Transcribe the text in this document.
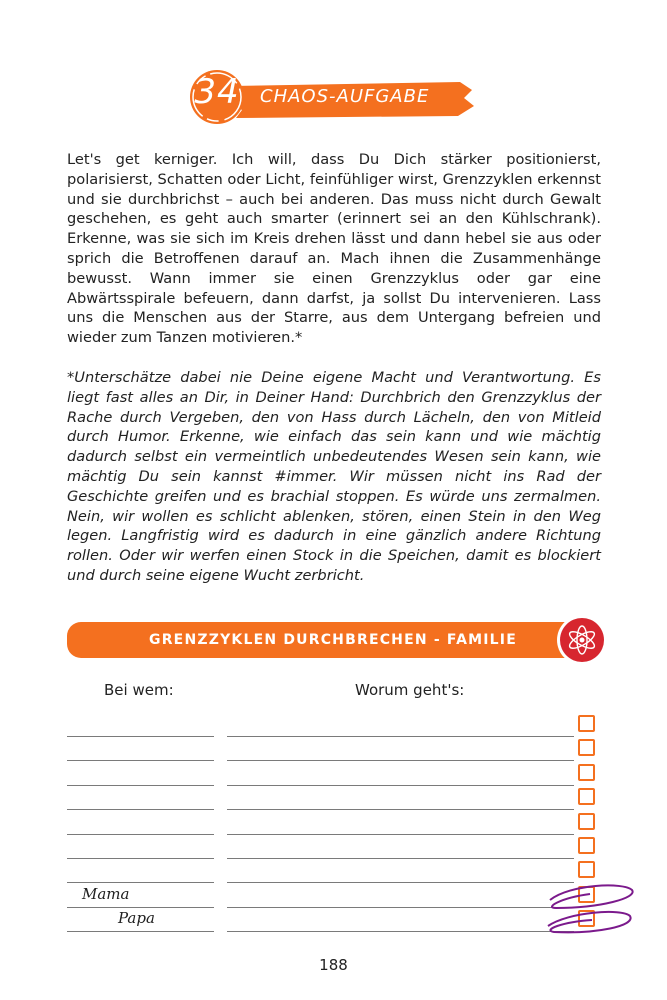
34	CHAOS-AUFGABE

Let's get kerniger. Ich will, dass Du Dich stärker positionierst, polarisierst, Schatten oder Licht, feinfühliger wirst, Grenzzyklen erkennst und sie durchbrichst – auch bei anderen. Das muss nicht durch Gewalt geschehen, es geht auch smarter (erinnert sei an den Kühlschrank). Erkenne, was sie sich im Kreis drehen lässt und dann hebel sie aus oder sprich die Betroffenen darauf an. Mach ihnen die Zusammenhänge bewusst. Wann immer sie einen Grenzzyklus oder gar eine Abwärtsspirale befeuern, dann darfst, ja sollst Du intervenieren. Lass uns die Menschen aus der Starre, aus dem Untergang befreien und wieder zum Tanzen motivieren.*

*Unterschätze dabei nie Deine eigene Macht und Verantwortung. Es liegt fast alles an Dir, in Deiner Hand: Durchbrich den Grenzzyklus der Rache durch Vergeben, den von Hass durch Lächeln, den von Mitleid durch Humor. Erkenne, wie einfach das sein kann und wie mächtig dadurch selbst ein vermeintlich unbedeutendes Wesen sein kann, wie mächtig Du sein kannst #immer. Wir müssen nicht ins Rad der Geschichte greifen und es brachial stoppen. Es würde uns zermalmen. Nein, wir wollen es schlicht ablenken, stören, einen Stein in den Weg legen. Langfristig wird es dadurch in eine gänzlich andere Richtung rollen. Oder wir werfen einen Stock in die Speichen, damit es blockiert und durch seine eigene Wucht zerbricht.

GRENZZYKLEN DURCHBRECHEN - FAMILIE
Bei wem:	Worum geht's:
Mama
Papa
188
